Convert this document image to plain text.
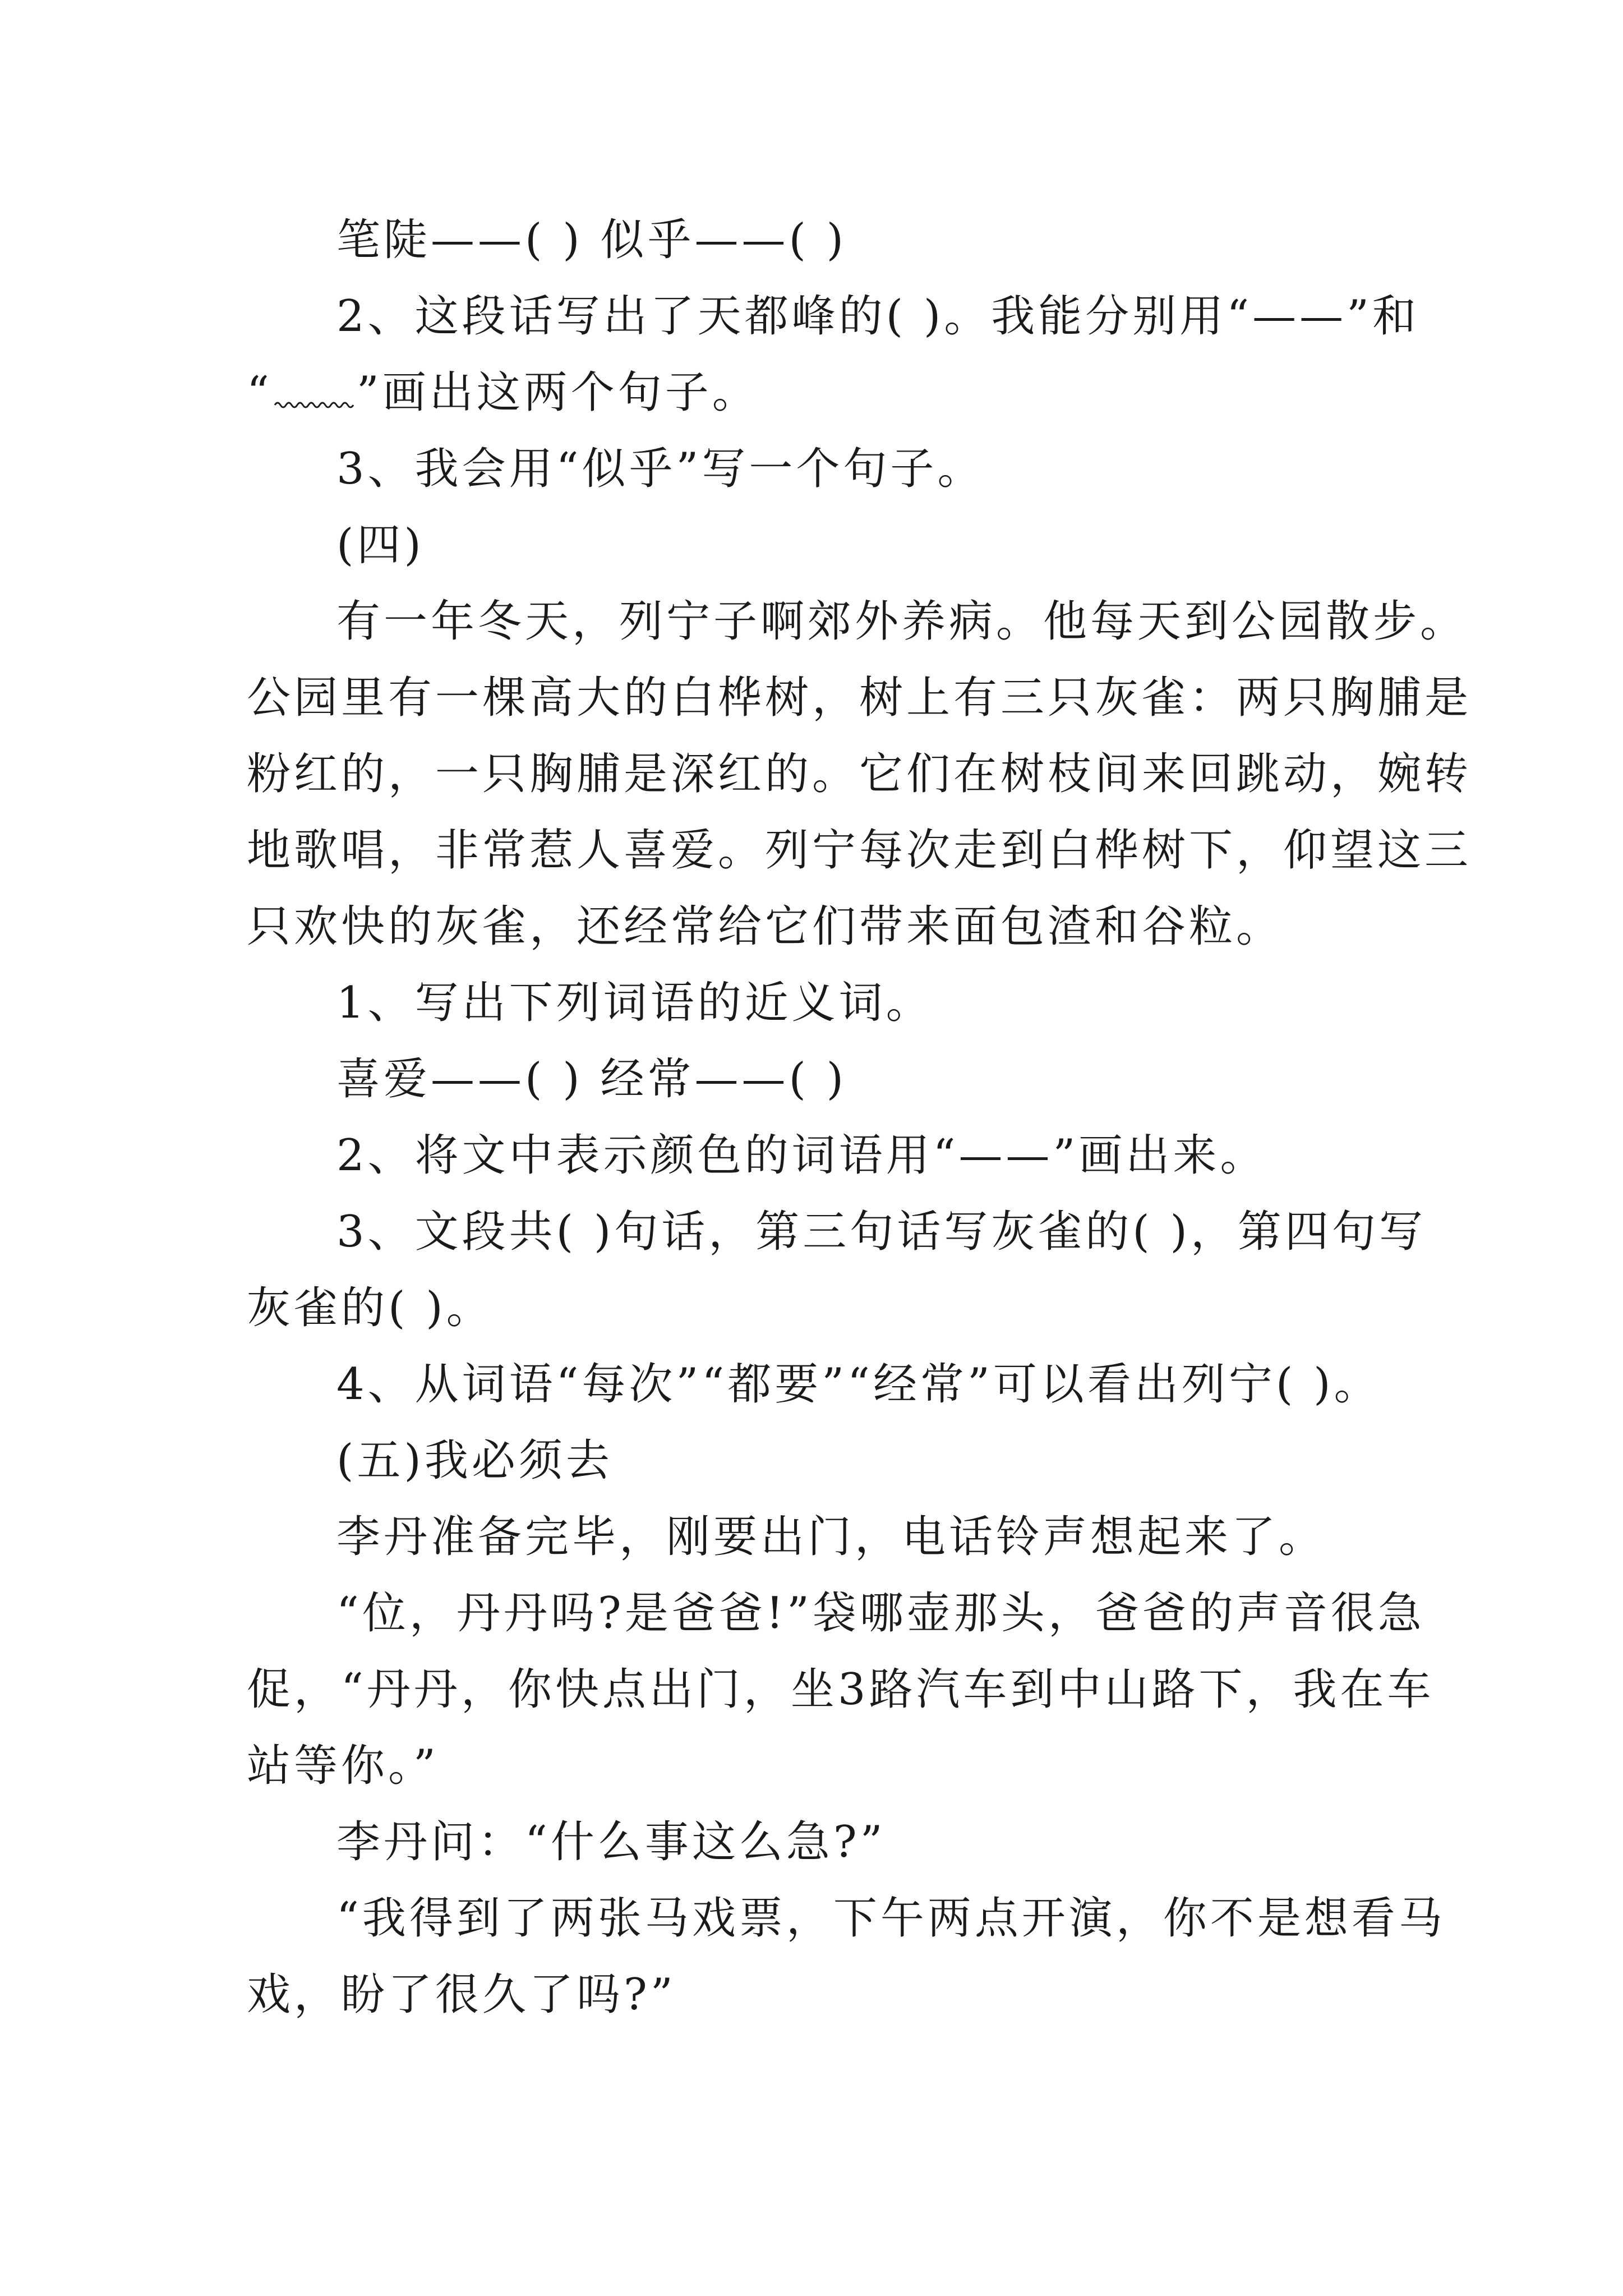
笔陡——( ) 似乎——( )
2、这段话写出了天都峰的( )。我能分别用“——”和
“ ”画出这两个句子。
3、我会用“似乎”写一个句子。
(四)
有一年冬天，列宁子啊郊外养病。他每天到公园散步。
公园里有一棵高大的白桦树，树上有三只灰雀：两只胸脯是
粉红的，一只胸脯是深红的。它们在树枝间来回跳动，婉转
地歌唱，非常惹人喜爱。列宁每次走到白桦树下，仰望这三
只欢快的灰雀，还经常给它们带来面包渣和谷粒。
1、写出下列词语的近义词。
喜爱——( ) 经常——( )
2、将文中表示颜色的词语用“——”画出来。
3、文段共( )句话，第三句话写灰雀的( )，第四句写
灰雀的( )。
4、从词语“每次”“都要”“经常”可以看出列宁( )。
(五)我必须去
李丹准备完毕，刚要出门，电话铃声想起来了。
“位，丹丹吗?是爸爸!”袋哪壶那头，爸爸的声音很急
促，“丹丹，你快点出门，坐3路汽车到中山路下，我在车
站等你。”
李丹问：“什么事这么急?”
“我得到了两张马戏票，下午两点开演，你不是想看马
戏，盼了很久了吗?”
